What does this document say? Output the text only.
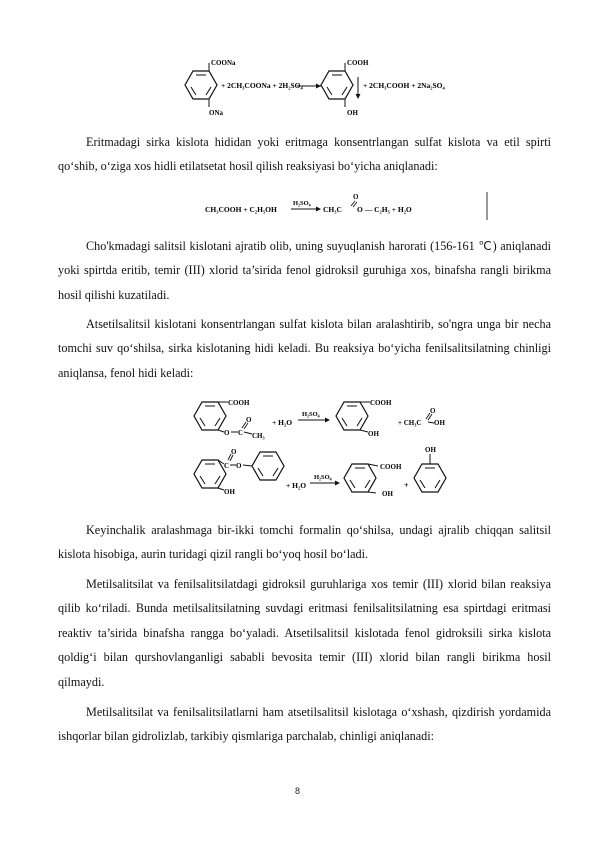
COONa
ONa
+ 2CH₃COONa + 2H₂SO₄
COOH
OH
+ 2CH₃COOH + 2Na₂SO₄

Eritmadagi sirka kislota hididan yoki eritmaga konsentrlangan sulfat kislota va etil spirti qo‘shib, o‘ziga xos hidli etilatsetat hosil qilish reaksiyasi bo‘yicha aniqlanadi:

CH₃COOH + C₂H₅OH
H₂SO₄
CH₃C
O
O — C₂H₅ + H₂O

Cho'kmadagi salitsil kislotani ajratib olib, uning suyuqlanish harorati (156-161 ℃) aniqlanadi yoki spirtda eritib, temir (III) xlorid ta’sirida fenol gidroksil guruhiga xos, binafsha rangli birikma hosil qilishi kuzatiladi.

Atsetilsalitsil kislotani konsentrlangan sulfat kislota bilan aralashtirib, so'ngra unga bir necha tomchi suv qo‘shilsa, sirka kislotaning hidi keladi. Bu reaksiya bo‘yicha fenilsalitsilatning chinligi aniqlansa, fenol hidi keladi:

COOH
O C
O
CH₃
+ H₂O
H₂SO₄
COOH
OH
+ CH₃C
O
OH
C
O
O
OH
+ H₂O
H₂SO₄
COOH
OH
+
OH

Keyinchalik aralashmaga bir-ikki tomchi formalin qo‘shilsa, undagi ajralib chiqqan salitsil kislota hisobiga, aurin turidagi qizil rangli bo‘yoq hosil bo‘ladi.

Metilsalitsilat va fenilsalitsilatdagi gidroksil guruhlariga xos temir (III) xlorid bilan reaksiya qilib ko‘riladi. Bunda metilsalitsilatning suvdagi eritmasi fenilsalitsilatning esa spirtdagi eritmasi reaktiv ta’sirida binafsha rangga bo‘yaladi. Atsetilsalitsil kislotada fenol gidroksili sirka kislota qoldig‘i bilan qurshovlanganligi sababli bevosita temir (III) xlorid bilan rangli birikma hosil qilmaydi.

Metilsalitsilat va fenilsalitsilatlarni ham atsetilsalitsil kislotaga o‘xshash, qizdirish yordamida ishqorlar bilan gidrolizlab, tarkibiy qismlariga parchalab, chinligi aniqlanadi:

8
